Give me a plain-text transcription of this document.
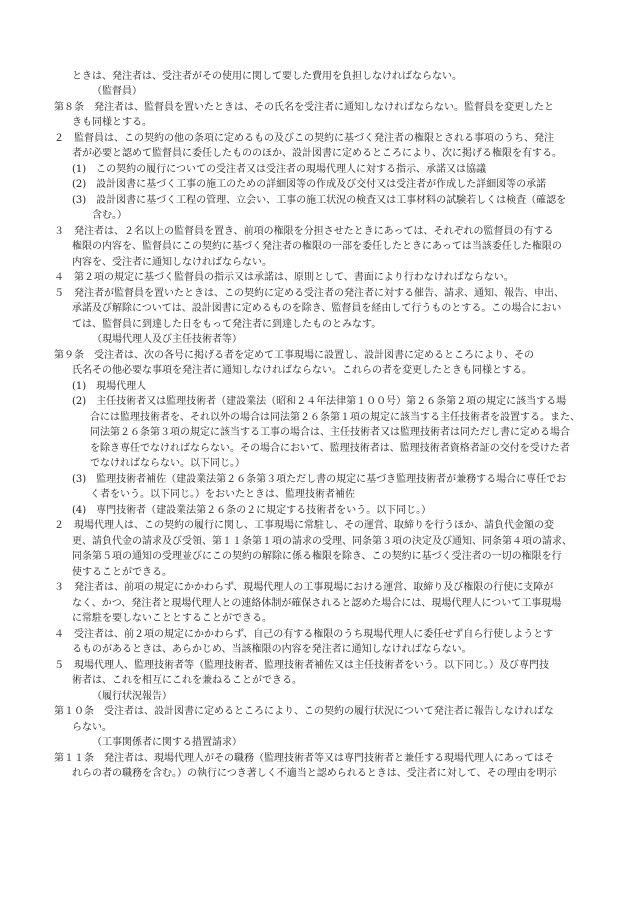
ときは、発注者は、受注者がその使用に関して要した費用を負担しなければならない。
（監督員）
第８条　発注者は、監督員を置いたときは、その氏名を受注者に通知しなければならない。監督員を変更したと
きも同様とする。
２　監督員は、この契約の他の条項に定めるもの及びこの契約に基づく発注者の権限とされる事項のうち、発注
者が必要と認めて監督員に委任したもののほか、設計図書に定めるところにより、次に掲げる権限を有する。
(1)　この契約の履行についての受注者又は受注者の現場代理人に対する指示、承諾又は協議
(2)　設計図書に基づく工事の施工のための詳細図等の作成及び交付又は受注者が作成した詳細図等の承諾
(3)　設計図書に基づく工程の管理、立会い、工事の施工状況の検査又は工事材料の試験若しくは検査（確認を
含む。）
３　発注者は、２名以上の監督員を置き、前項の権限を分担させたときにあっては、それぞれの監督員の有する
権限の内容を、監督員にこの契約に基づく発注者の権限の一部を委任したときにあっては当該委任した権限の
内容を、受注者に通知しなければならない。
４　第２項の規定に基づく監督員の指示又は承諾は、原則として、書面により行わなければならない。
５　発注者が監督員を置いたときは、この契約に定める受注者の発注者に対する催告、請求、通知、報告、申出、
承諾及び解除については、設計図書に定めるものを除き、監督員を経由して行うものとする。この場合におい
ては、監督員に到達した日をもって発注者に到達したものとみなす。
（現場代理人及び主任技術者等）
第９条　受注者は、次の各号に掲げる者を定めて工事現場に設置し、設計図書に定めるところにより、その
氏名その他必要な事項を発注者に通知しなければならない。これらの者を変更したときも同様とする。
(1)　現場代理人
(2)　主任技術者又は監理技術者（建設業法（昭和２４年法律第１００号）第２６条第２項の規定に該当する場
合には監理技術者を、それ以外の場合は同法第２６条第１項の規定に該当する主任技術者を設置する。また、
同法第２６条第３項の規定に該当する工事の場合は、主任技術者又は監理技術者は同ただし書に定める場合
を除き専任でなければならない。その場合において、監理技術者は、監理技術者資格者証の交付を受けた者
でなければならない。以下同じ。）
(3)　監理技術者補佐（建設業法第２６条第３項ただし書の規定に基づき監理技術者が兼務する場合に専任でお
く者をいう。以下同じ。）をおいたときは、監理技術者補佐
(4)　専門技術者（建設業法第２６条の２に規定する技術者をいう。以下同じ。）
２　現場代理人は、この契約の履行に関し、工事現場に常駐し、その運営、取締りを行うほか、請負代金額の変
更、請負代金の請求及び受領、第１１条第１項の請求の受理、同条第３項の決定及び通知、同条第４項の請求、
同条第５項の通知の受理並びにこの契約の解除に係る権限を除き、この契約に基づく受注者の一切の権限を行
使することができる。
３　発注者は、前項の規定にかかわらず、現場代理人の工事現場における運営、取締り及び権限の行使に支障が
なく、かつ、発注者と現場代理人との連絡体制が確保されると認めた場合には、現場代理人について工事現場
に常駐を要しないこととすることができる。
４　受注者は、前２項の規定にかかわらず、自己の有する権限のうち現場代理人に委任せず自ら行使しようとす
るものがあるときは、あらかじめ、当該権限の内容を発注者に通知しなければならない。
５　現場代理人、監理技術者等（監理技術者、監理技術者補佐又は主任技術者をいう。以下同じ。）及び専門技
術者は、これを相互にこれを兼ねることができる。
（履行状況報告）
第１０条　受注者は、設計図書に定めるところにより、この契約の履行状況について発注者に報告しなければな
らない。
（工事関係者に関する措置請求）
第１１条　発注者は、現場代理人がその職務（監理技術者等又は専門技術者と兼任する現場代理人にあってはそ
れらの者の職務を含む。）の執行につき著しく不適当と認められるときは、受注者に対して、その理由を明示
